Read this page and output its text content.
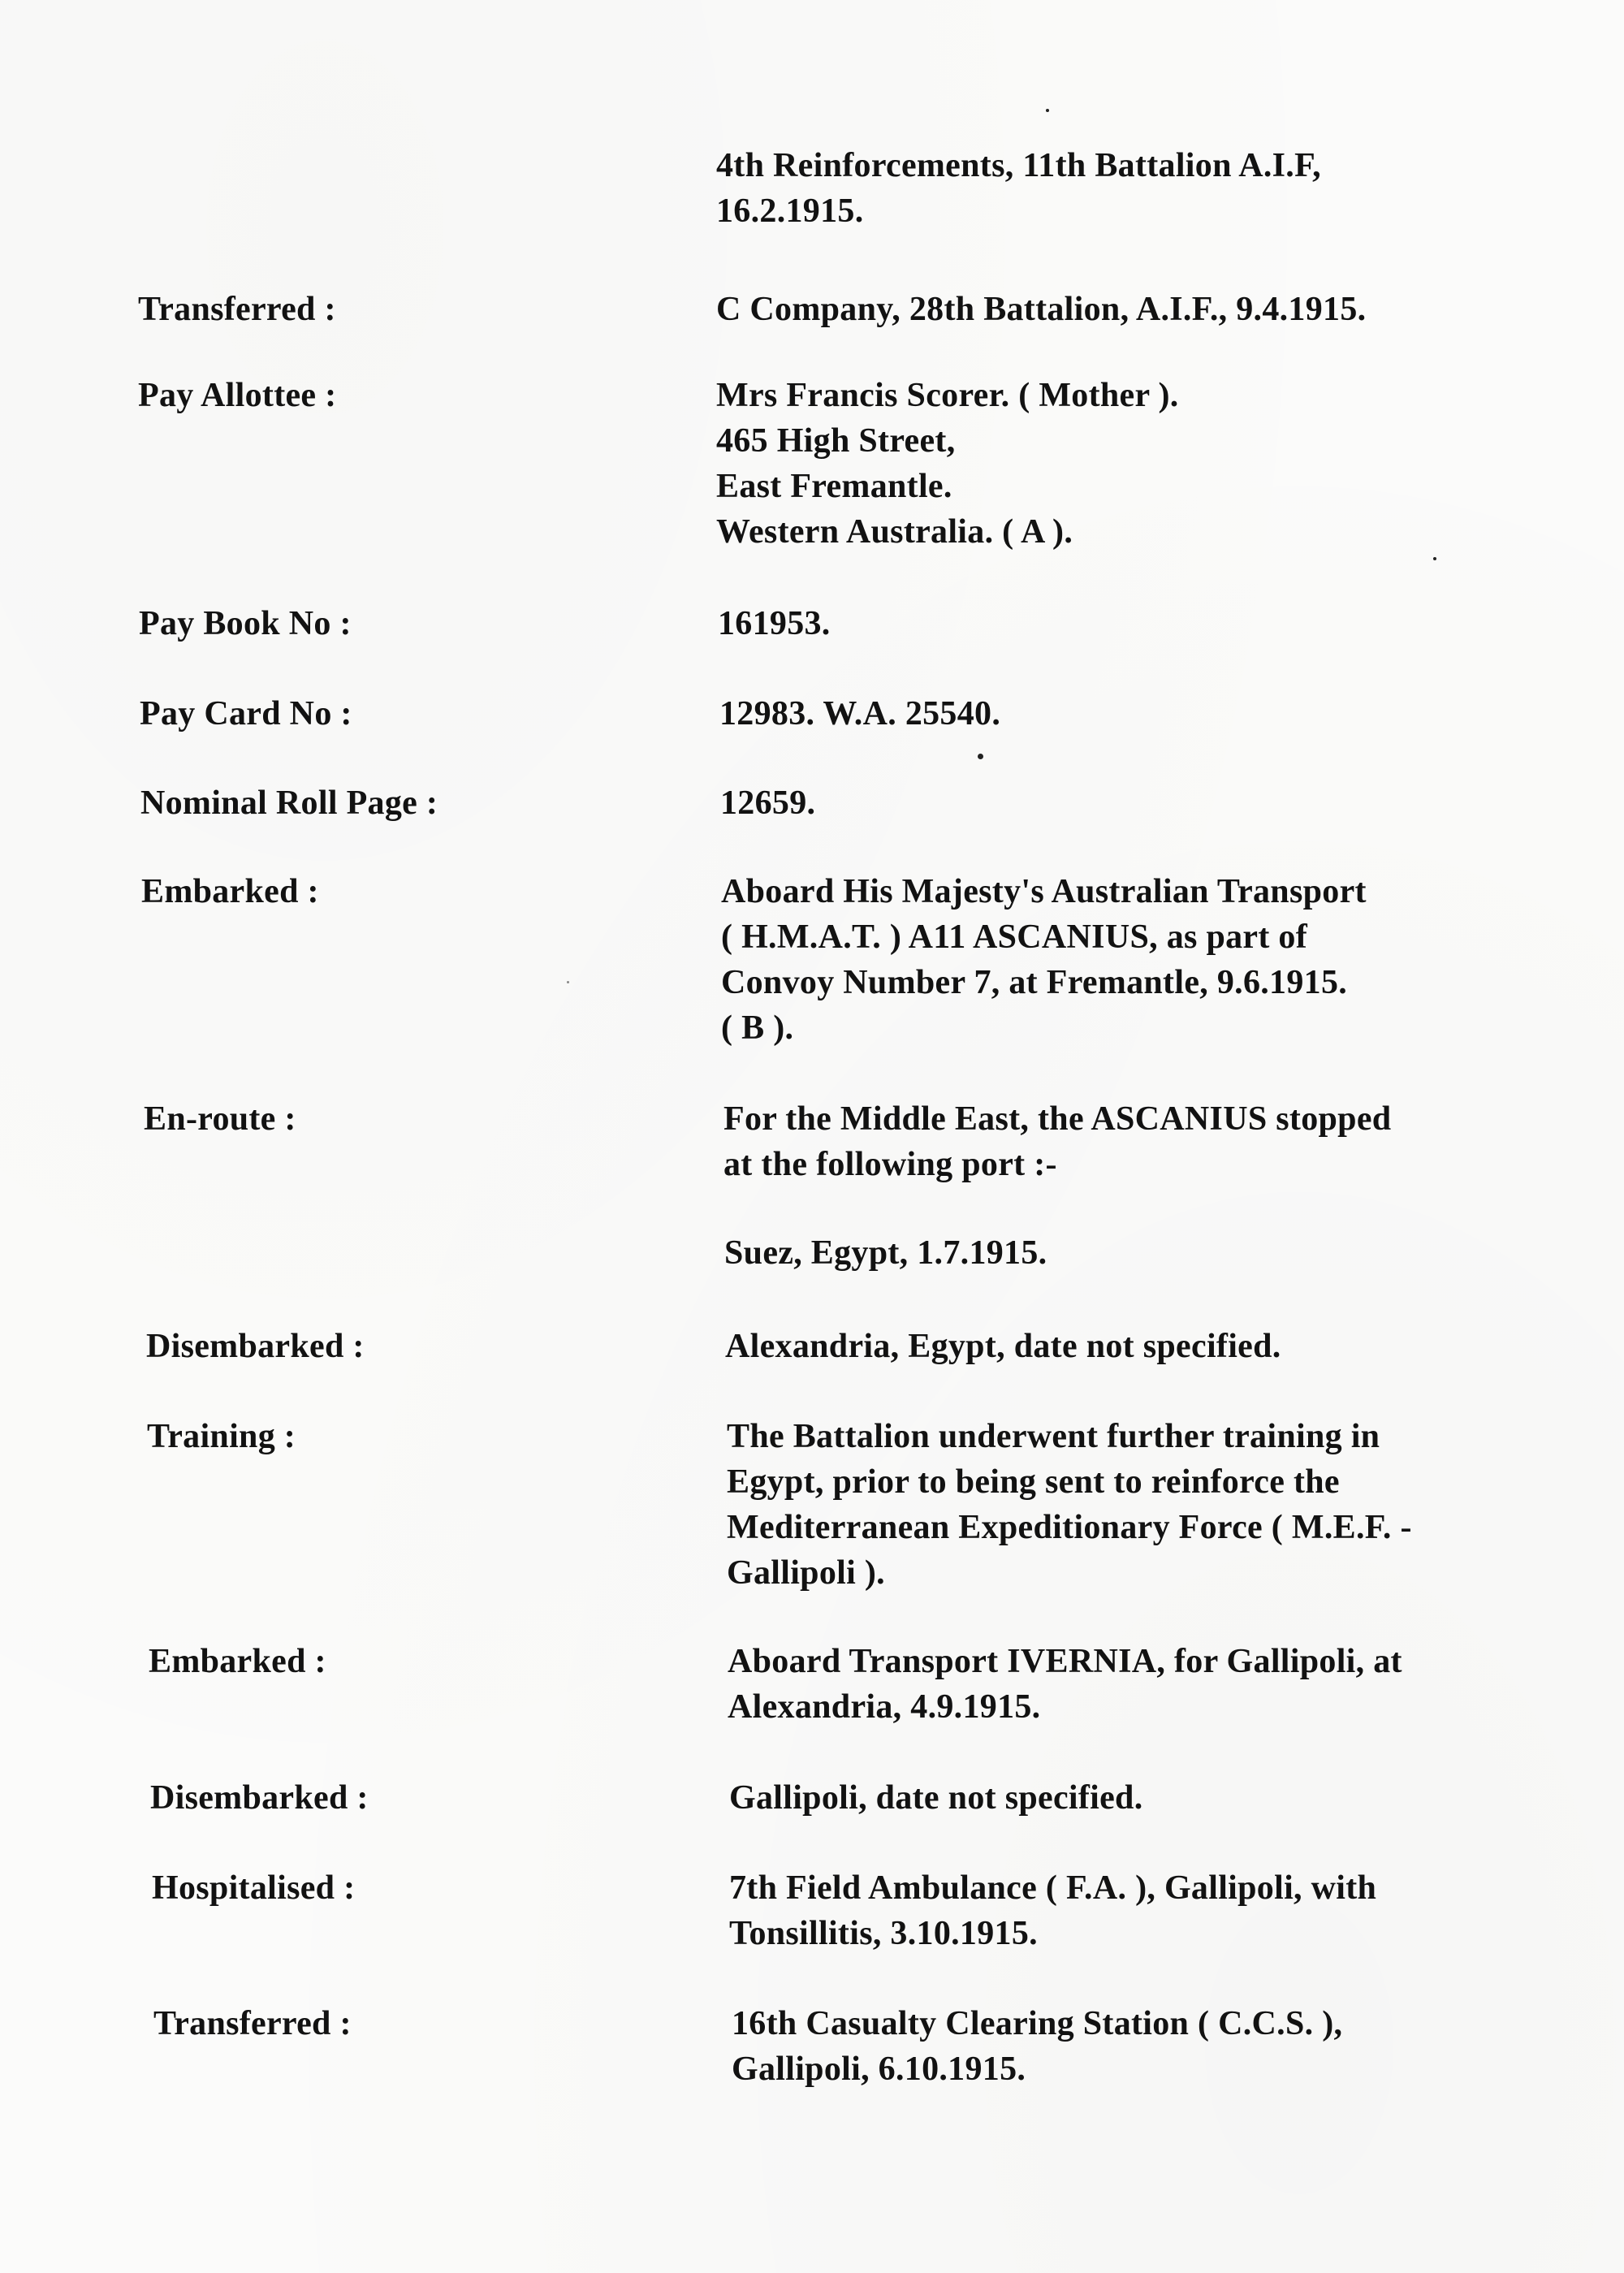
4th Reinforcements, 11th Battalion A.I.F,
16.2.1915.
Transferred :	C Company, 28th Battalion, A.I.F., 9.4.1915.
Pay Allottee :	Mrs Francis Scorer. ( Mother ).
465 High Street,
East Fremantle.
Western Australia. ( A ).
Pay Book No :	161953.
Pay Card No :	12983. W.A. 25540.
Nominal Roll Page :	12659.
Embarked :	Aboard His Majesty's Australian Transport
( H.M.A.T. ) A11 ASCANIUS, as part of
Convoy Number 7, at Fremantle, 9.6.1915.
( B ).
En-route :	For the Middle East, the ASCANIUS stopped
at the following port :-
Suez, Egypt, 1.7.1915.
Disembarked :	Alexandria, Egypt, date not specified.
Training :	The Battalion underwent further training in
Egypt, prior to being sent to reinforce the
Mediterranean Expeditionary Force ( M.E.F. -
Gallipoli ).
Embarked :	Aboard Transport IVERNIA, for Gallipoli, at
Alexandria, 4.9.1915.
Disembarked :	Gallipoli, date not specified.
Hospitalised :	7th Field Ambulance ( F.A. ), Gallipoli, with
Tonsillitis, 3.10.1915.
Transferred :	16th Casualty Clearing Station ( C.C.S. ),
Gallipoli, 6.10.1915.
